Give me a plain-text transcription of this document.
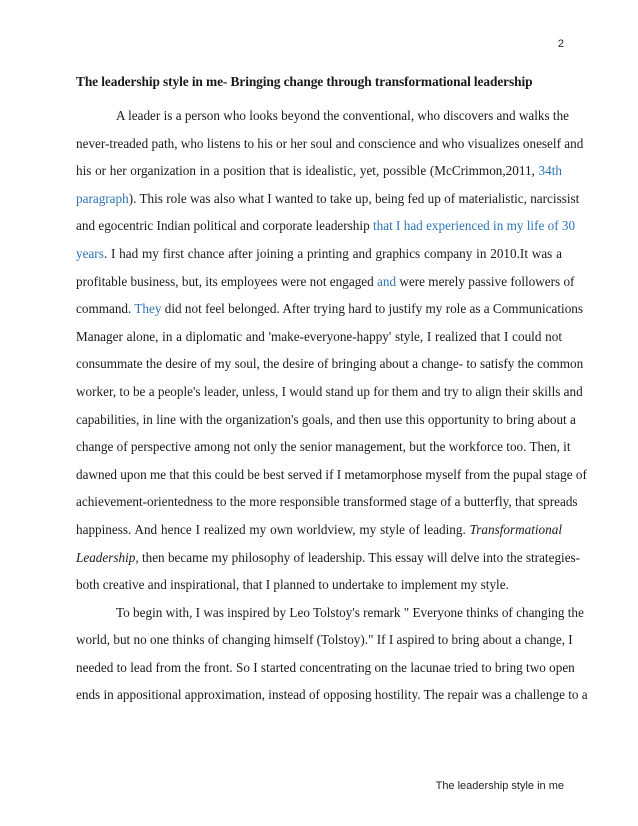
2
The leadership style in me- Bringing change through transformational leadership
A leader is a person who looks beyond the conventional, who discovers and walks the
never-treaded path, who listens to his or her soul and conscience and who visualizes oneself and
his or her organization in a position that is idealistic, yet, possible (McCrimmon,2011, 34th
paragraph). This role was also what I wanted to take up, being fed up of materialistic, narcissist
and egocentric Indian political and corporate leadership that I had experienced in my life of 30
years. I had my first chance after joining a printing and graphics company in 2010.It was a
profitable business, but, its employees were not engaged and were merely passive followers of
command. They did not feel belonged. After trying hard to justify my role as a Communications
Manager alone, in a diplomatic and 'make-everyone-happy' style, I realized that I could not
consummate the desire of my soul, the desire of bringing about a change- to satisfy the common
worker, to be a people's leader, unless, I would stand up for them and try to align their skills and
capabilities, in line with the organization's goals, and then use this opportunity to bring about a
change of perspective among not only the senior management, but the workforce too. Then, it
dawned upon me that this could be best served if I metamorphose myself from the pupal stage of
achievement-orientedness to the more responsible transformed stage of a butterfly, that spreads
happiness. And hence I realized my own worldview, my style of leading. Transformational
Leadership, then became my philosophy of leadership. This essay will delve into the strategies-
both creative and inspirational, that I planned to undertake to implement my style.
To begin with, I was inspired by Leo Tolstoy's remark " Everyone thinks of changing the
world, but no one thinks of changing himself (Tolstoy)." If I aspired to bring about a change, I
needed to lead from the front. So I started concentrating on the lacunae tried to bring two open
ends in appositional approximation, instead of opposing hostility. The repair was a challenge to a
The leadership style in me
